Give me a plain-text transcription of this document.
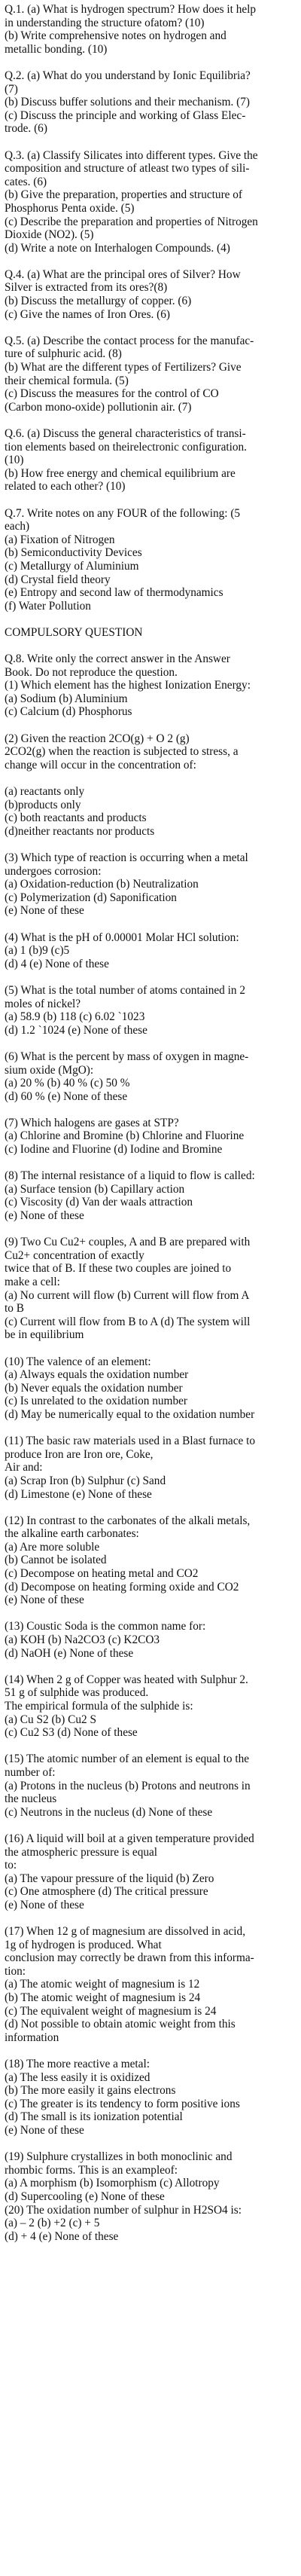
Q.1. (a) What is hydrogen spectrum? How does it help
in understanding the structure ofatom? (10)
(b) Write comprehensive notes on hydrogen and
metallic bonding. (10)
Q.2. (a) What do you understand by Ionic Equilibria?
(7)
(b) Discuss buffer solutions and their mechanism. (7)
(c) Discuss the principle and working of Glass Elec-
trode. (6)
Q.3. (a) Classify Silicates into different types. Give the
composition and structure of atleast two types of sili-
cates. (6)
(b) Give the preparation, properties and structure of
Phosphorus Penta oxide. (5)
(c) Describe the preparation and properties of Nitrogen
Dioxide (NO2). (5)
(d) Write a note on Interhalogen Compounds. (4)
Q.4. (a) What are the principal ores of Silver? How
Silver is extracted from its ores?(8)
(b) Discuss the metallurgy of copper. (6)
(c) Give the names of Iron Ores. (6)
Q.5. (a) Describe the contact process for the manufac-
ture of sulphuric acid. (8)
(b) What are the different types of Fertilizers? Give
their chemical formula. (5)
(c) Discuss the measures for the control of CO
(Carbon mono-oxide) pollutionin air. (7)
Q.6. (a) Discuss the general characteristics of transi-
tion elements based on theirelectronic configuration.
(10)
(b) How free energy and chemical equilibrium are
related to each other? (10)
Q.7. Write notes on any FOUR of the following: (5
each)
(a) Fixation of Nitrogen
(b) Semiconductivity Devices
(c) Metallurgy of Aluminium
(d) Crystal field theory
(e) Entropy and second law of thermodynamics
(f) Water Pollution
COMPULSORY QUESTION
Q.8. Write only the correct answer in the Answer
Book. Do not reproduce the question.
(1) Which element has the highest Ionization Energy:
(a) Sodium (b) Aluminium
(c) Calcium (d) Phosphorus
(2) Given the reaction 2CO(g) + O 2 (g)
2CO2(g) when the reaction is subjected to stress, a
change will occur in the concentration of:
(a) reactants only
(b)products only
(c) both reactants and products
(d)neither reactants nor products
(3) Which type of reaction is occurring when a metal
undergoes corrosion:
(a) Oxidation-reduction (b) Neutralization
(c) Polymerization (d) Saponification
(e) None of these
(4) What is the pH of 0.00001 Molar HCl solution:
(a) 1 (b)9 (c)5
(d) 4 (e) None of these
(5) What is the total number of atoms contained in 2
moles of nickel?
(a) 58.9 (b) 118 (c) 6.02 `1023
(d) 1.2 `1024 (e) None of these
(6) What is the percent by mass of oxygen in magne-
sium oxide (MgO):
(a) 20 % (b) 40 % (c) 50 %
(d) 60 % (e) None of these
(7) Which halogens are gases at STP?
(a) Chlorine and Bromine (b) Chlorine and Fluorine
(c) Iodine and Fluorine (d) Iodine and Bromine
(8) The internal resistance of a liquid to flow is called:
(a) Surface tension (b) Capillary action
(c) Viscosity (d) Van der waals attraction
(e) None of these
(9) Two Cu Cu2+ couples, A and B are prepared with
Cu2+ concentration of exactly
twice that of B. If these two couples are joined to
make a cell:
(a) No current will flow (b) Current will flow from A
to B
(c) Current will flow from B to A (d) The system will
be in equilibrium
(10) The valence of an element:
(a) Always equals the oxidation number
(b) Never equals the oxidation number
(c) Is unrelated to the oxidation number
(d) May be numerically equal to the oxidation number
(11) The basic raw materials used in a Blast furnace to
produce Iron are Iron ore, Coke,
Air and:
(a) Scrap Iron (b) Sulphur (c) Sand
(d) Limestone (e) None of these
(12) In contrast to the carbonates of the alkali metals,
the alkaline earth carbonates:
(a) Are more soluble
(b) Cannot be isolated
(c) Decompose on heating metal and CO2
(d) Decompose on heating forming oxide and CO2
(e) None of these
(13) Coustic Soda is the common name for:
(a) KOH (b) Na2CO3 (c) K2CO3
(d) NaOH (e) None of these
(14) When 2 g of Copper was heated with Sulphur 2.
51 g of sulphide was produced.
The empirical formula of the sulphide is:
(a) Cu S2 (b) Cu2 S
(c) Cu2 S3 (d) None of these
(15) The atomic number of an element is equal to the
number of:
(a) Protons in the nucleus (b) Protons and neutrons in
the nucleus
(c) Neutrons in the nucleus (d) None of these
(16) A liquid will boil at a given temperature provided
the atmospheric pressure is equal
to:
(a) The vapour pressure of the liquid (b) Zero
(c) One atmosphere (d) The critical pressure
(e) None of these
(17) When 12 g of magnesium are dissolved in acid,
1g of hydrogen is produced. What
conclusion may correctly be drawn from this informa-
tion:
(a) The atomic weight of magnesium is 12
(b) The atomic weight of magnesium is 24
(c) The equivalent weight of magnesium is 24
(d) Not possible to obtain atomic weight from this
information
(18) The more reactive a metal:
(a) The less easily it is oxidized
(b) The more easily it gains electrons
(c) The greater is its tendency to form positive ions
(d) The small is its ionization potential
(e) None of these
(19) Sulphure crystallizes in both monoclinic and
rhombic forms. This is an exampleof:
(a) A morphism (b) Isomorphism (c) Allotropy
(d) Supercooling (e) None of these
(20) The oxidation number of sulphur in H2SO4 is:
(a) – 2 (b) +2 (c) + 5
(d) + 4 (e) None of these
